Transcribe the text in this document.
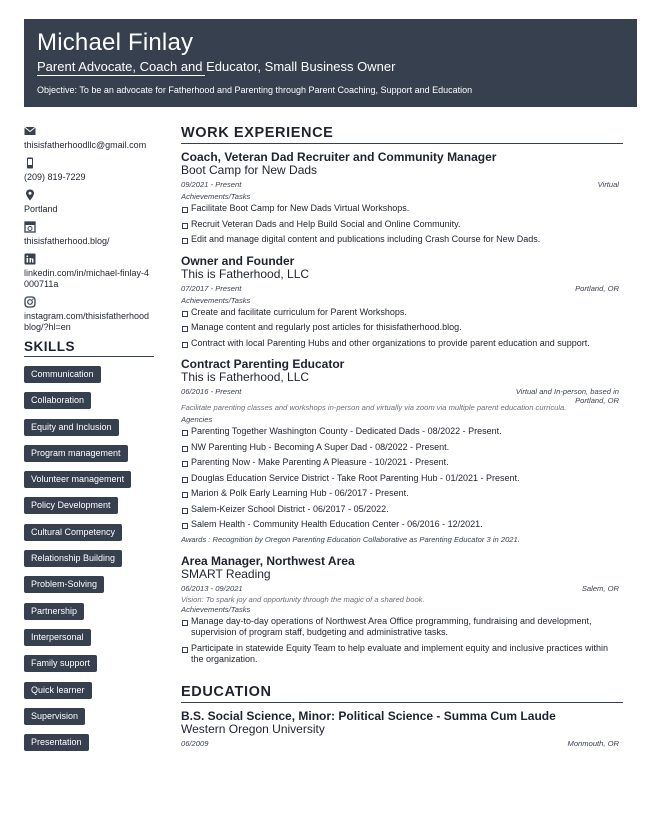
Michael Finlay
Parent Advocate, Coach and Educator, Small Business Owner
Objective: To be an advocate for Fatherhood and Parenting through Parent Coaching, Support and Education
thisisfatherhoodllc@gmail.com
(209) 819-7229
Portland
thisisfatherhood.blog/
linkedin.com/in/michael-finlay-4000711a
instagram.com/thisisfatherhoodblog/?hl=en
SKILLS
Communication
Collaboration
Equity and Inclusion
Program management
Volunteer management
Policy Development
Cultural Competency
Relationship Building
Problem-Solving
Partnership
Interpersonal
Family support
Quick learner
Supervision
Presentation
WORK EXPERIENCE
Coach, Veteran Dad Recruiter and Community Manager
Boot Camp for New Dads
09/2021 - Present	Virtual
Achievements/Tasks
Facilitate Boot Camp for New Dads Virtual Workshops.
Recruit Veteran Dads and Help Build Social and Online Community.
Edit and manage digital content and publications including Crash Course for New Dads.
Owner and Founder
This is Fatherhood, LLC
07/2017 - Present	Portland, OR
Achievements/Tasks
Create and facilitate curriculum for Parent Workshops.
Manage content and regularly post articles for thisisfatherhood.blog.
Contract with local Parenting Hubs and other organizations to provide parent education and support.
Contract Parenting Educator
This is Fatherhood, LLC
06/2016 - Present	Virtual and In-person, based in Portland, OR
Facilitate parenting classes and workshops in-person and virtually via zoom via multiple parent education curricula.
Agencies
Parenting Together Washington County - Dedicated Dads - 08/2022 - Present.
NW Parenting Hub - Becoming A Super Dad - 08/2022 - Present.
Parenting Now - Make Parenting A Pleasure - 10/2021 - Present.
Douglas Education Service District - Take Root Parenting Hub - 01/2021 - Present.
Marion & Polk Early Learning Hub - 06/2017 - Present.
Salem-Keizer School District - 06/2017 - 05/2022.
Salem Health - Community Health Education Center - 06/2016 - 12/2021.
Awards : Recognition by Oregon Parenting Education Collaborative as Parenting Educator 3 in 2021.
Area Manager, Northwest Area
SMART Reading
06/2013 - 09/2021	Salem, OR
Vision: To spark joy and opportunity through the magic of a shared book.
Achievements/Tasks
Manage day-to-day operations of Northwest Area Office programming, fundraising and development, supervision of program staff, budgeting and administrative tasks.
Participate in statewide Equity Team to help evaluate and implement equity and inclusive practices within the organization.
EDUCATION
B.S. Social Science, Minor: Political Science - Summa Cum Laude
Western Oregon University
06/2009	Monmouth, OR
